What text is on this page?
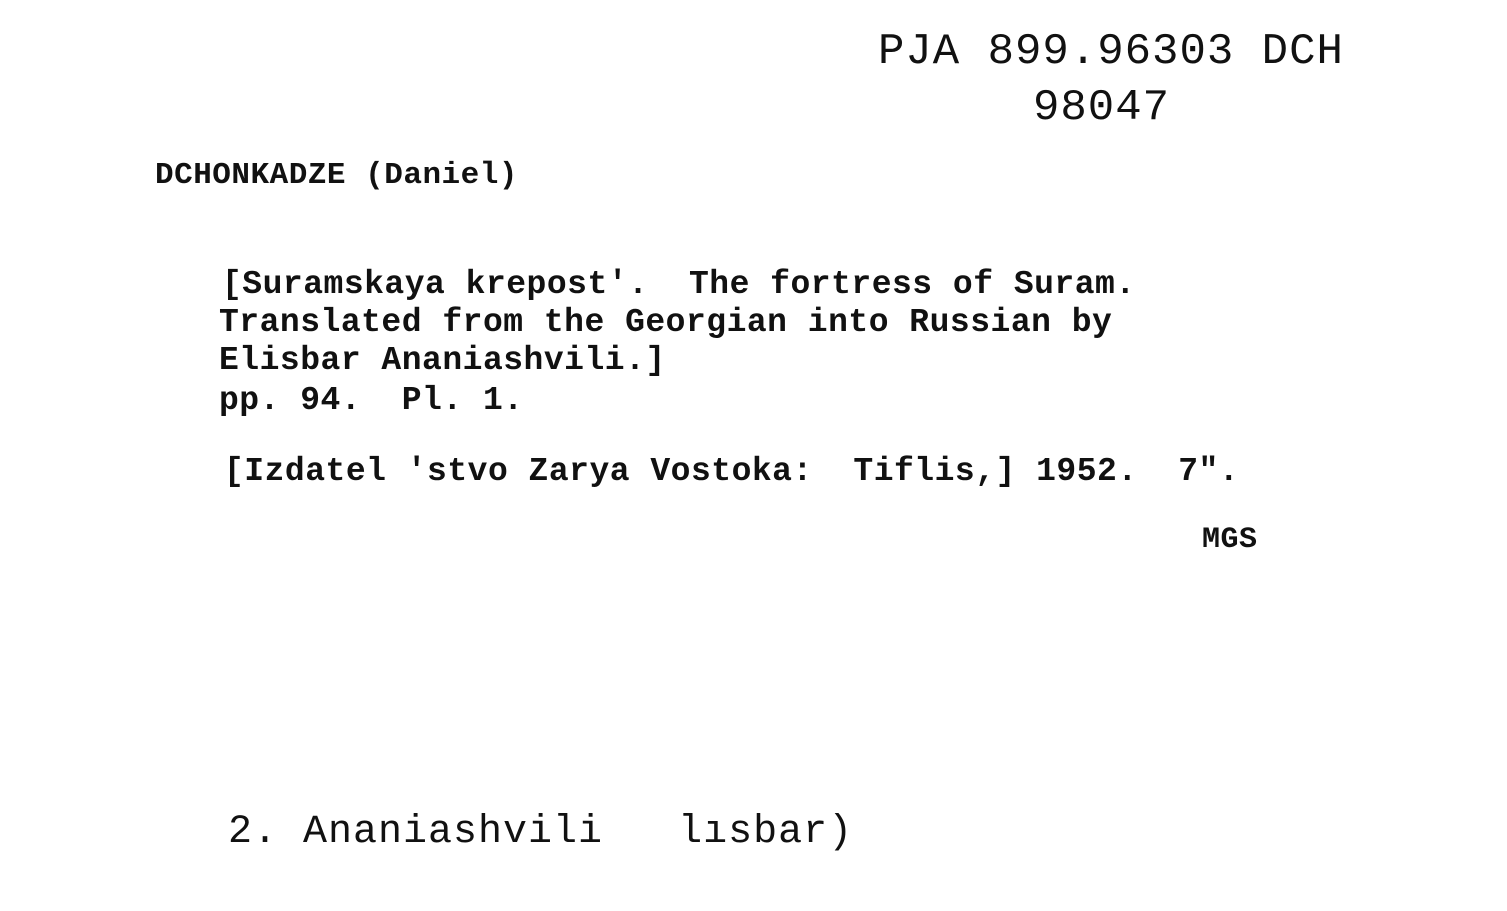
PJA 899.96303 DCH
98047
DCHONKADZE (Daniel)
[Suramskaya krepost'.  The fortress of Suram.
Translated from the Georgian into Russian by
Elisbar Ananiashvili.]
pp. 94.  Pl. 1.
[Izdatel 'stvo Zarya Vostoka:  Tiflis,] 1952.  7".
MGS
2. Ananiashvili   lısbar)
